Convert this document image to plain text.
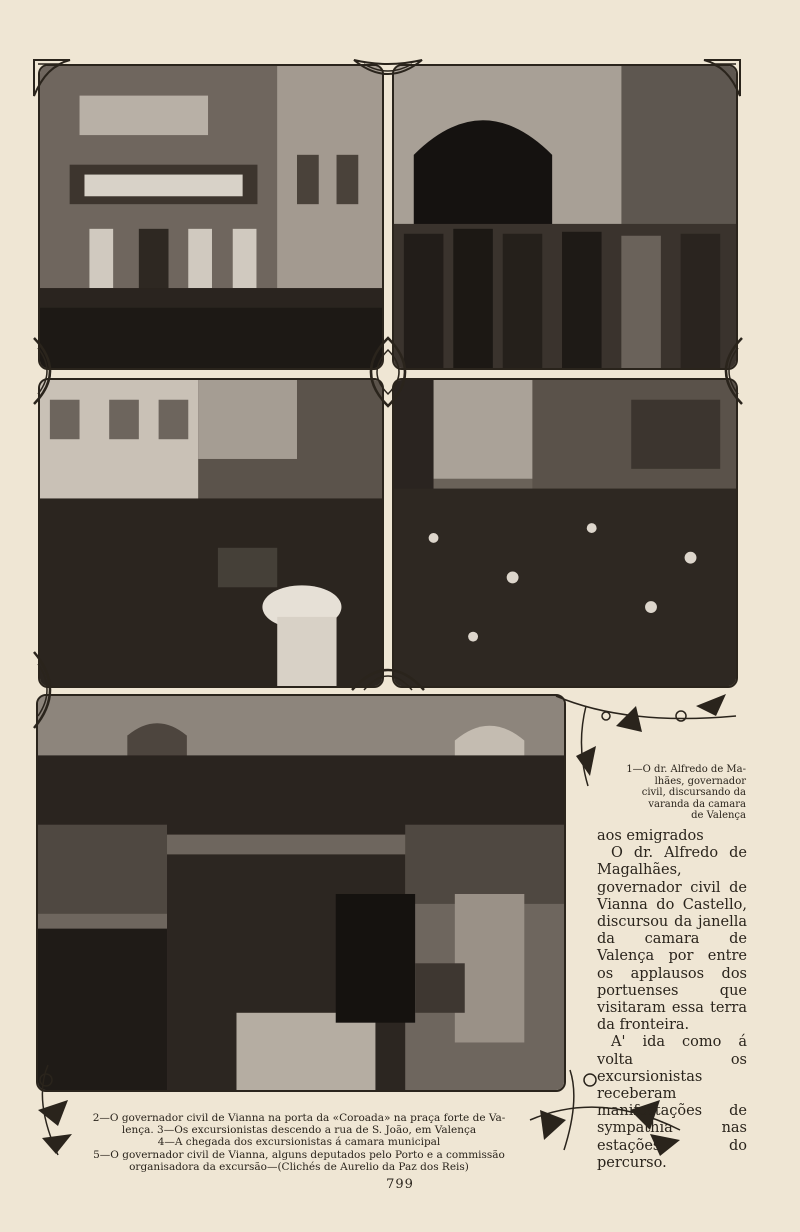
1—O dr. Alfredo de Ma-
lhães, governador
civil, discursando da
varanda da camara
de Valença

aos emigrados

O dr. Alfredo de Magalhães, governador civil de Vianna do Castello, discursou da janella da camara de Valença por entre os applausos dos portuenses que visitaram essa terra da fronteira.

A' ida como á volta os excursionistas receberam manifestações de sympathia nas estações do percurso.

2—O governador civil de Vianna na porta da «Coroada» na praça forte de Va-
lença. 3—Os excursionistas descendo a rua de S. João, em Valença
4—A chegada dos excursionistas á camara municipal
5—O governador civil de Vianna, alguns deputados pelo Porto e a commissão
organisadora da excursão—(Clichés de Aurelio da Paz dos Reis)
799
